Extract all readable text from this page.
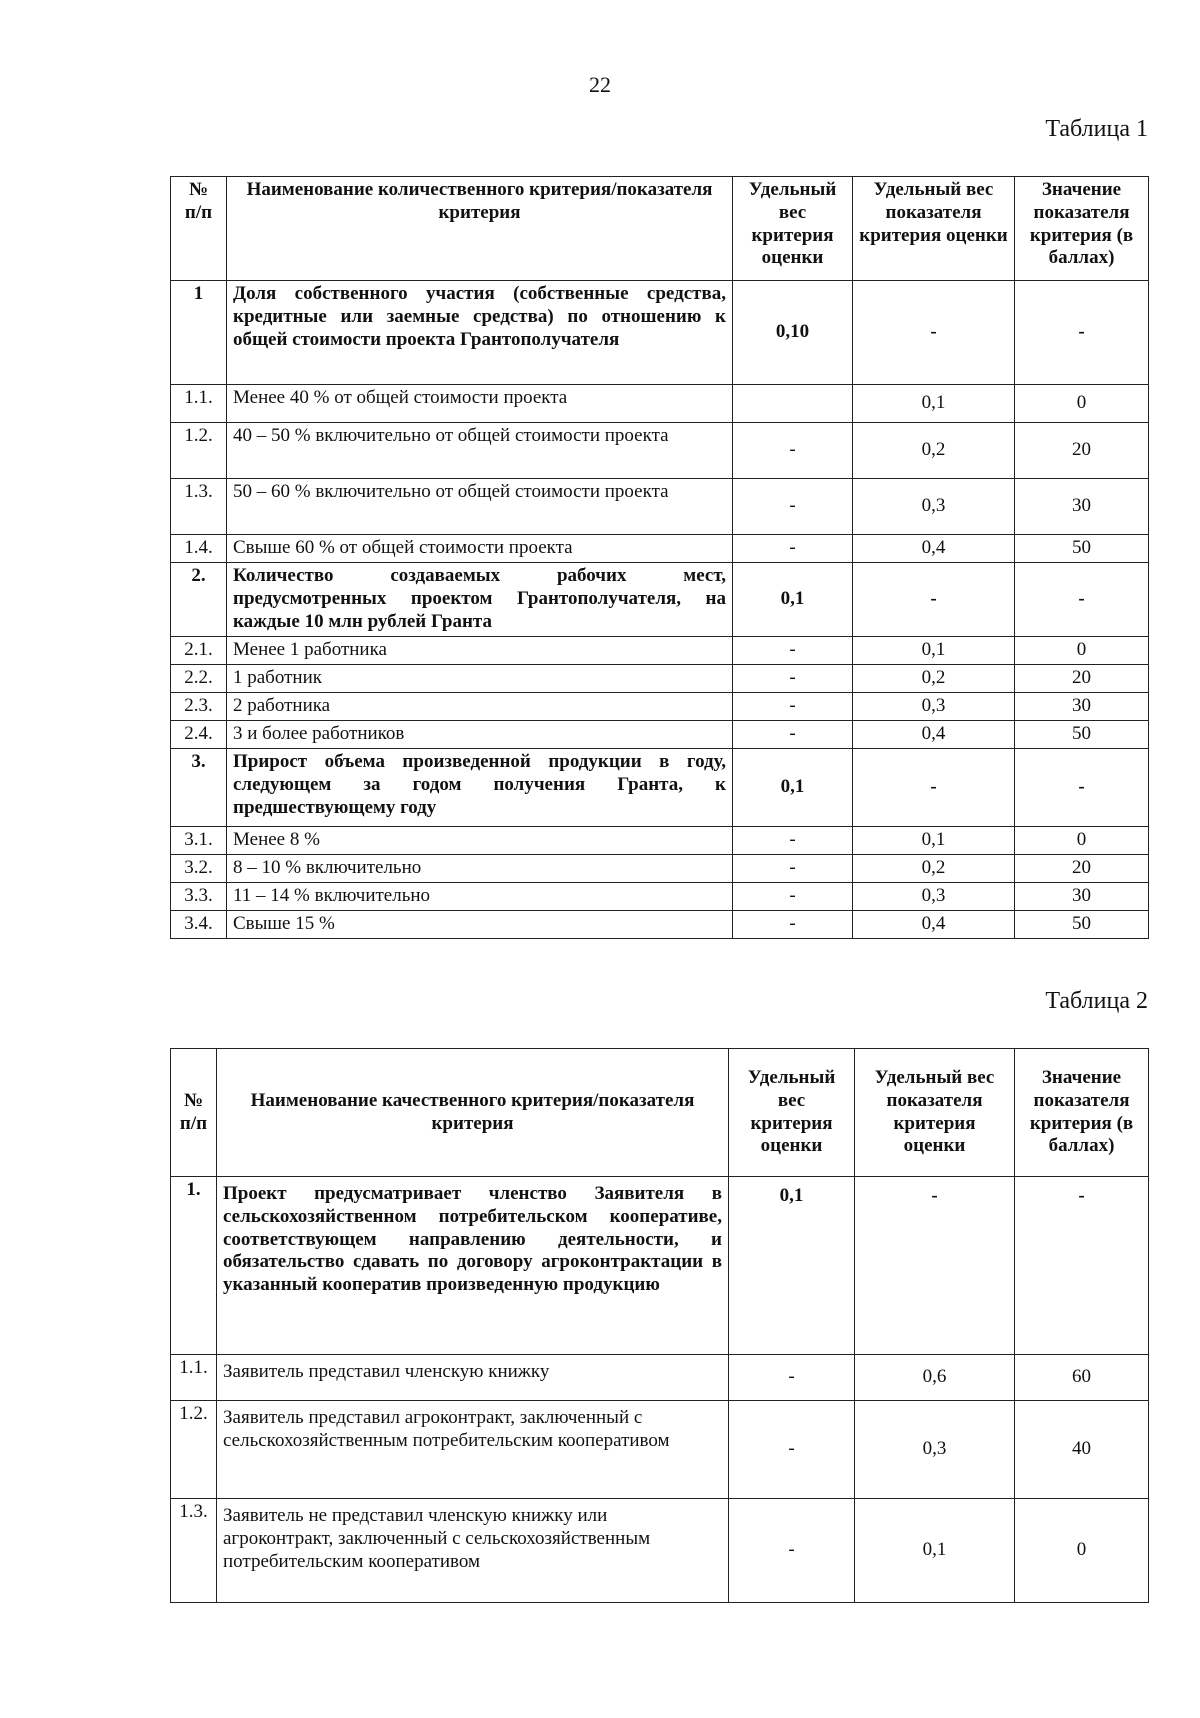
22
Таблица 1
№
п/п	Наименование количественного критерия/показателя критерия	Удельный вес критерия оценки	Удельный вес показателя критерия оценки	Значение показателя критерия (в баллах)
1	Доля собственного участия (собственные средства, кредитные или заемные средства) по отношению к общей стоимости проекта Грантополучателя	0,10	-	-
1.1.	Менее 40 % от общей стоимости проекта		0,1	0
1.2.	40 – 50 % включительно от общей стоимости проекта	-	0,2	20
1.3.	50 – 60 % включительно от общей стоимости проекта	-	0,3	30
1.4.	Свыше 60 % от общей стоимости проекта	-	0,4	50
2.	Количество создаваемых рабочих мест, предусмотренных проектом Грантополучателя, на каждые 10 млн рублей Гранта	0,1	-	-
2.1.	Менее 1 работника	-	0,1	0
2.2.	1 работник	-	0,2	20
2.3.	2 работника	-	0,3	30
2.4.	3 и более работников	-	0,4	50
3.	Прирост объема произведенной продукции в году, следующем за годом получения Гранта, к предшествующему году	0,1	-	-
3.1.	Менее 8 %	-	0,1	0
3.2.	8 – 10 % включительно	-	0,2	20
3.3.	11 – 14 % включительно	-	0,3	30
3.4.	Свыше 15 %	-	0,4	50
Таблица 2
№
п/п	Наименование качественного критерия/показателя критерия	Удельный вес критерия оценки	Удельный вес показателя критерия оценки	Значение показателя критерия (в баллах)
1.	Проект предусматривает членство Заявителя в сельскохозяйственном потребительском кооперативе, соответствующем направлению деятельности, и обязательство сдавать по договору агроконтрактации в указанный кооператив произведенную продукцию	0,1	-	-
1.1.	Заявитель представил членскую книжку	-	0,6	60
1.2.	Заявитель представил агроконтракт, заключенный с сельскохозяйственным потребительским кооперативом	-	0,3	40
1.3.	Заявитель не представил членскую книжку или агроконтракт, заключенный с сельскохозяйственным потребительским кооперативом	-	0,1	0
